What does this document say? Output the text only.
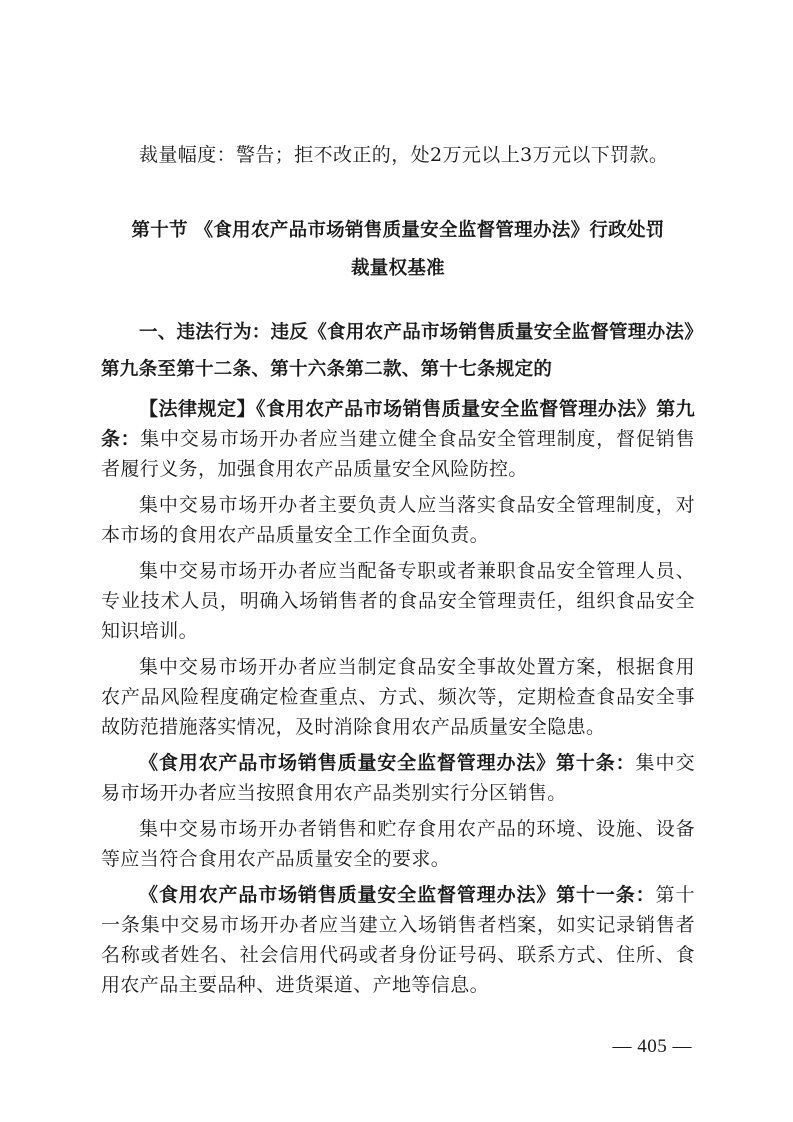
裁量幅度：警告；拒不改正的，处2万元以上3万元以下罚款。

第十节 《食用农产品市场销售质量安全监督管理办法》行政处罚

裁量权基准

一、违法行为：违反《食用农产品市场销售质量安全监督管理办法》

第九条至第十二条、第十六条第二款、第十七条规定的

【法律规定】《食用农产品市场销售质量安全监督管理办法》第九条：集中交易市场开办者应当建立健全食品安全管理制度，督促销售者履行义务，加强食用农产品质量安全风险防控。

集中交易市场开办者主要负责人应当落实食品安全管理制度，对本市场的食用农产品质量安全工作全面负责。

集中交易市场开办者应当配备专职或者兼职食品安全管理人员、专业技术人员，明确入场销售者的食品安全管理责任，组织食品安全知识培训。

集中交易市场开办者应当制定食品安全事故处置方案，根据食用农产品风险程度确定检查重点、方式、频次等，定期检查食品安全事故防范措施落实情况，及时消除食用农产品质量安全隐患。

《食用农产品市场销售质量安全监督管理办法》第十条：集中交易市场开办者应当按照食用农产品类别实行分区销售。

集中交易市场开办者销售和贮存食用农产品的环境、设施、设备等应当符合食用农产品质量安全的要求。

《食用农产品市场销售质量安全监督管理办法》第十一条：第十一条集中交易市场开办者应当建立入场销售者档案，如实记录销售者名称或者姓名、社会信用代码或者身份证号码、联系方式、住所、食用农产品主要品种、进货渠道、产地等信息。

— 405 —
